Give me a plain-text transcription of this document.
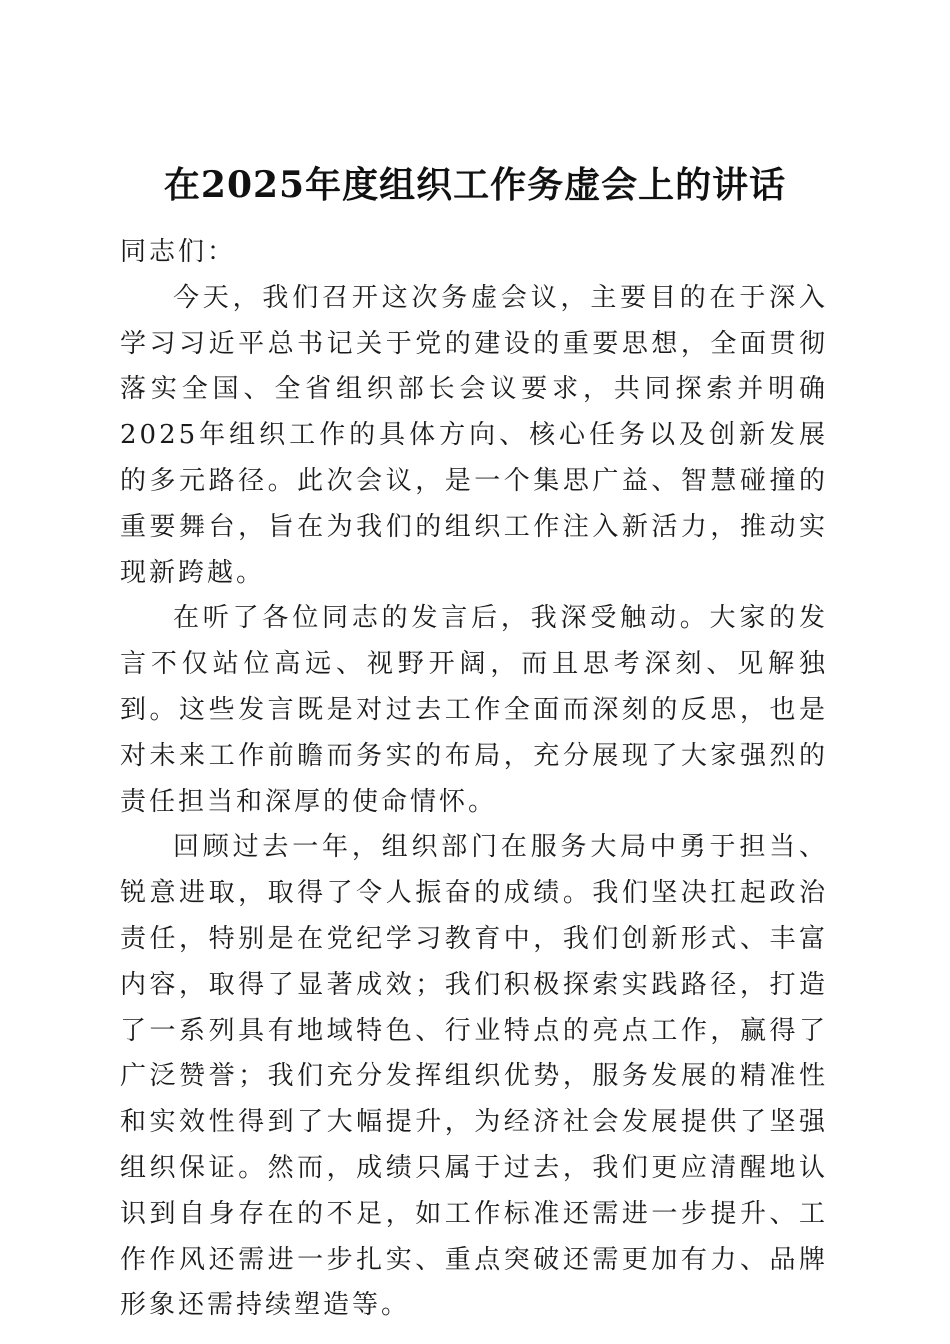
在2025年度组织工作务虚会上的讲话

同志们：

今天，我们召开这次务虚会议，主要目的在于深入学习习近平总书记关于党的建设的重要思想，全面贯彻落实全国、全省组织部长会议要求，共同探索并明确2025年组织工作的具体方向、核心任务以及创新发展的多元路径。此次会议，是一个集思广益、智慧碰撞的重要舞台，旨在为我们的组织工作注入新活力，推动实现新跨越。

在听了各位同志的发言后，我深受触动。大家的发言不仅站位高远、视野开阔，而且思考深刻、见解独到。这些发言既是对过去工作全面而深刻的反思，也是对未来工作前瞻而务实的布局，充分展现了大家强烈的责任担当和深厚的使命情怀。

回顾过去一年，组织部门在服务大局中勇于担当、锐意进取，取得了令人振奋的成绩。我们坚决扛起政治责任，特别是在党纪学习教育中，我们创新形式、丰富内容，取得了显著成效；我们积极探索实践路径，打造了一系列具有地域特色、行业特点的亮点工作，赢得了广泛赞誉；我们充分发挥组织优势，服务发展的精准性和实效性得到了大幅提升，为经济社会发展提供了坚强组织保证。然而，成绩只属于过去，我们更应清醒地认识到自身存在的不足，如工作标准还需进一步提升、工作作风还需进一步扎实、重点突破还需更加有力、品牌形象还需持续塑造等。
